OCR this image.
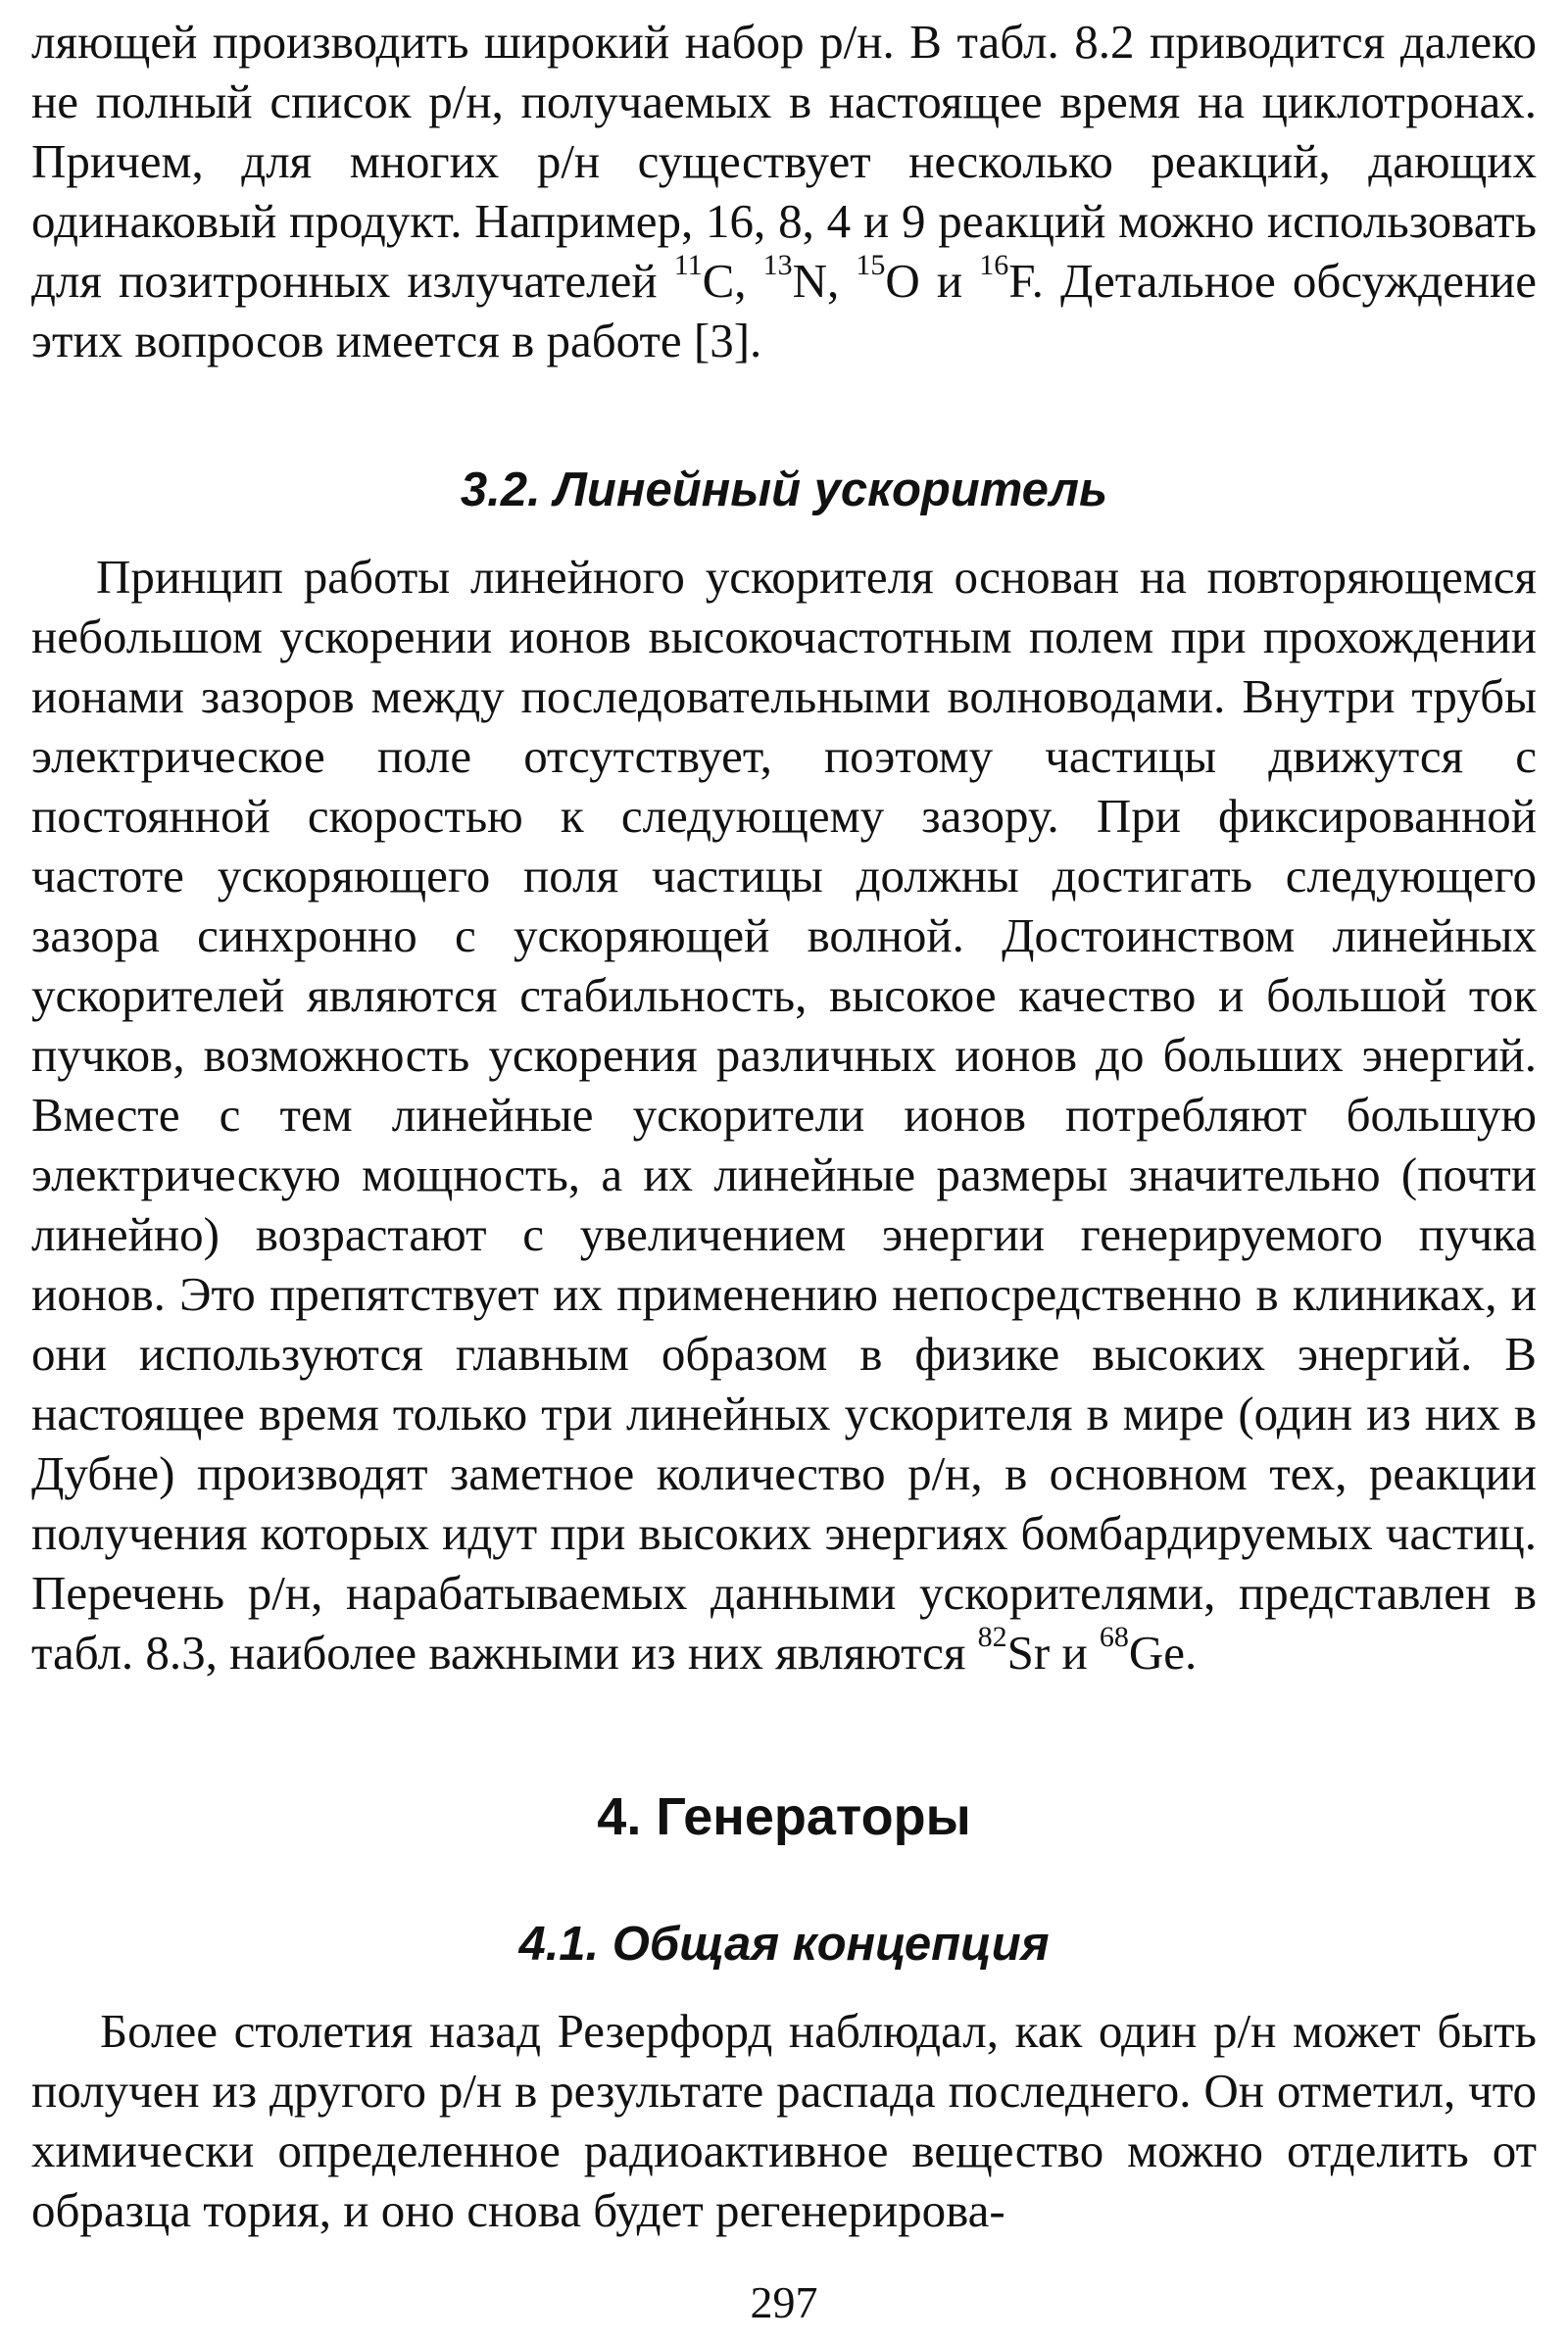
ляющей производить широкий набор р/н. В табл. 8.2 приводится далеко не полный список р/н, получаемых в настоящее время на циклотронах. Причем, для многих р/н существует несколько реакций, дающих одинаковый продукт. Например, 16, 8, 4 и 9 реакций можно использовать для позитронных излучателей $^{11}$C, $^{13}$N, $^{15}$O и $^{16}$F. Детальное обсуждение этих вопросов имеется в работе [3].

3.2. Линейный ускоритель

Принцип работы линейного ускорителя основан на повторяющемся небольшом ускорении ионов высокочастотным полем при прохождении ионами зазоров между последовательными волноводами. Внутри трубы электрическое поле отсутствует, поэтому частицы движутся с постоянной скоростью к следующему зазору. При фиксированной частоте ускоряющего поля частицы должны достигать следующего зазора синхронно с ускоряющей волной. Достоинством линейных ускорителей являются стабильность, высокое качество и большой ток пучков, возможность ускорения различных ионов до больших энергий. Вместе с тем линейные ускорители ионов потребляют большую электрическую мощность, а их линейные размеры значительно (почти линейно) возрастают с увеличением энергии генерируемого пучка ионов. Это препятствует их применению непосредственно в клиниках, и они используются главным образом в физике высоких энергий. В настоящее время только три линейных ускорителя в мире (один из них в Дубне) производят заметное количество р/н, в основном тех, реакции получения которых идут при высоких энергиях бомбардируемых частиц. Перечень р/н, нарабатываемых данными ускорителями, представлен в табл. 8.3, наиболее важными из них являются $^{82}$Sr и $^{68}$Ge.

4. Генераторы
4.1. Общая концепция

Более столетия назад Резерфорд наблюдал, как один р/н может быть получен из другого р/н в результате распада последнего. Он отметил, что химически определенное радиоактивное вещество можно отделить от образца тория, и оно снова будет регенерирова-

297
